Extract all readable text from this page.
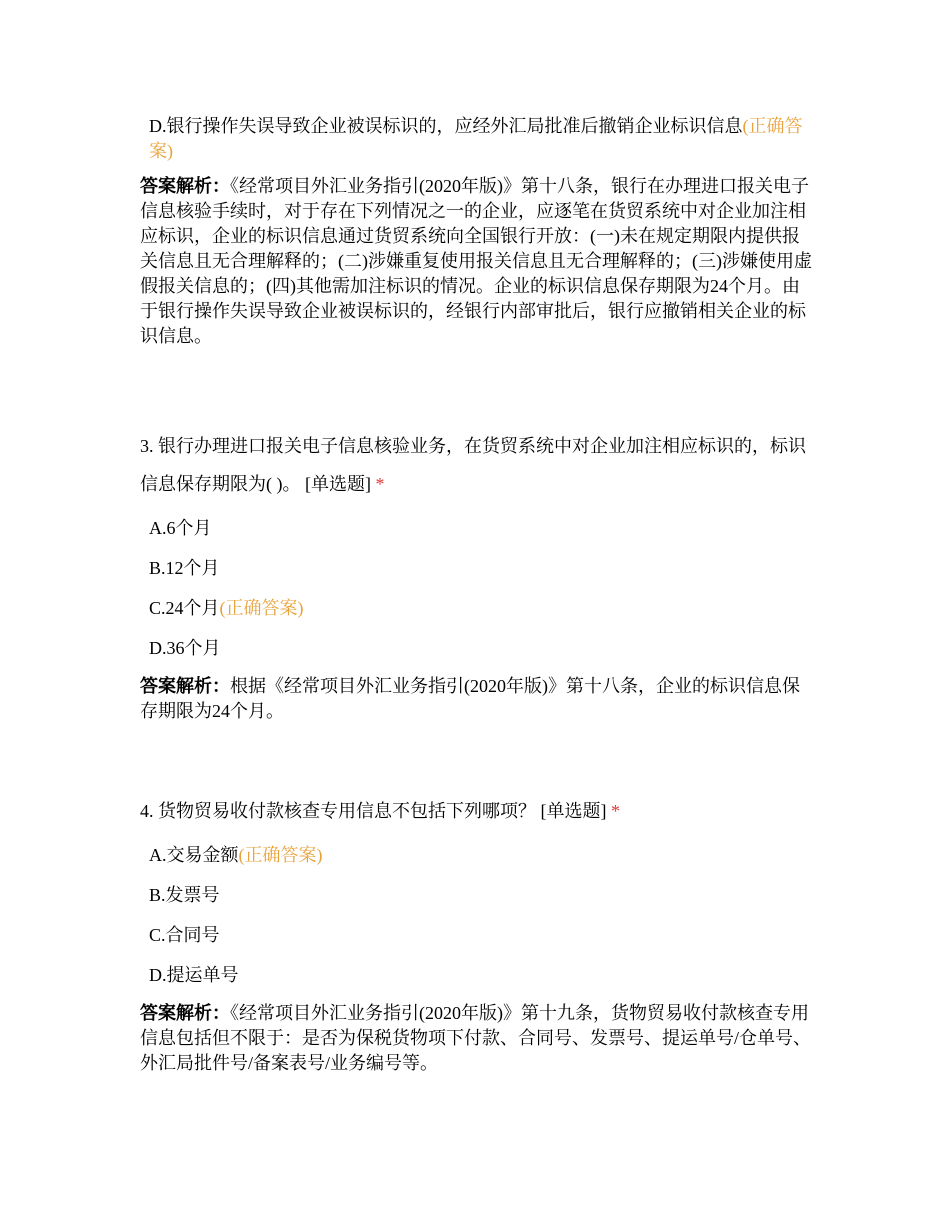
D.银行操作失误导致企业被误标识的，应经外汇局批准后撤销企业标识信息(正确答案)
答案解析：《经常项目外汇业务指引(2020年版)》第十八条，银行在办理进口报关电子信息核验手续时，对于存在下列情况之一的企业，应逐笔在货贸系统中对企业加注相应标识，企业的标识信息通过货贸系统向全国银行开放：(一)未在规定期限内提供报关信息且无合理解释的；(二)涉嫌重复使用报关信息且无合理解释的；(三)涉嫌使用虚假报关信息的；(四)其他需加注标识的情况。企业的标识信息保存期限为24个月。由于银行操作失误导致企业被误标识的，经银行内部审批后，银行应撤销相关企业的标识信息。
3. 银行办理进口报关电子信息核验业务，在货贸系统中对企业加注相应标识的，标识信息保存期限为( )。 [单选题] *
A.6个月
B.12个月
C.24个月(正确答案)
D.36个月
答案解析：根据《经常项目外汇业务指引(2020年版)》第十八条，企业的标识信息保存期限为24个月。
4. 货物贸易收付款核查专用信息不包括下列哪项？ [单选题] *
A.交易金额(正确答案)
B.发票号
C.合同号
D.提运单号
答案解析：《经常项目外汇业务指引(2020年版)》第十九条，货物贸易收付款核查专用信息包括但不限于：是否为保税货物项下付款、合同号、发票号、提运单号/仓单号、外汇局批件号/备案表号/业务编号等。
